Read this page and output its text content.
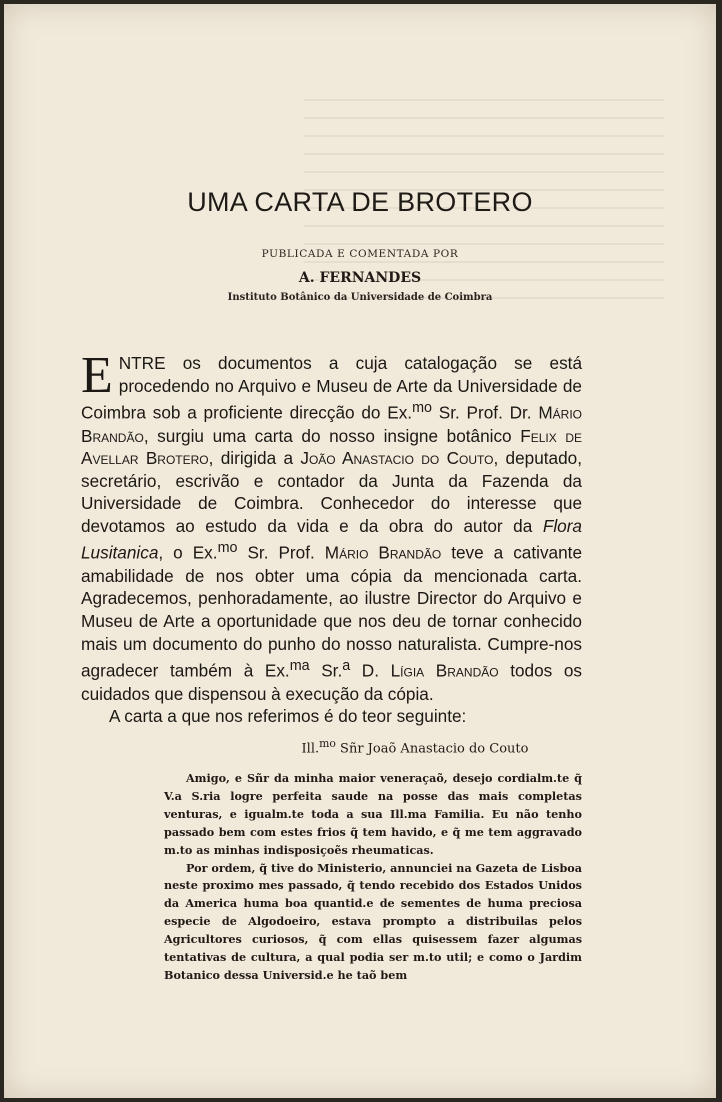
UMA CARTA DE BROTERO
PUBLICADA E COMENTADA POR
A. FERNANDES
Instituto Botânico da Universidade de Coimbra

ENTRE os documentos a cuja catalogação se está procedendo no Arquivo e Museu de Arte da Universidade de Coimbra sob a proficiente direcção do Ex.$^{mo}$ Sr. Prof. Dr. Mário Brandão, surgiu uma carta do nosso insigne botânico Felix de Avellar Brotero, dirigida a João Anastacio do Couto, deputado, secretário, escrivão e contador da Junta da Fazenda da Universidade de Coimbra. Conhecedor do interesse que devotamos ao estudo da vida e da obra do autor da Flora Lusitanica, o Ex.$^{mo}$ Sr. Prof. Mário Brandão teve a cativante amabilidade de nos obter uma cópia da mencionada carta. Agradecemos, penhoradamente, ao ilustre Director do Arquivo e Museu de Arte a oportunidade que nos deu de tornar conhecido mais um documento do punho do nosso naturalista. Cumpre-nos agradecer também à Ex.$^{ma}$ Sr.$^a$ D. Lígia Brandão todos os cuidados que dispensou à execução da cópia.

A carta a que nos referimos é do teor seguinte:

Ill.$^{mo}$ Sñr Joaõ Anastacio do Couto

Amigo, e Sñr da minha maior veneraçaõ, desejo cordialm.te q̃ V.a S.ria logre perfeita saude na posse das mais completas venturas, e igualm.te toda a sua Ill.ma Familia. Eu não tenho passado bem com estes frios q̃ tem havido, e q̃ me tem aggravado m.to as minhas indisposiçoẽs rheumaticas.

Por ordem, q̃ tive do Ministerio, annunciei na Gazeta de Lisboa neste proximo mes passado, q̃ tendo recebido dos Estados Unidos da America huma boa quantid.e de sementes de huma preciosa especie de Algodoeiro, estava prompto a distribuilas pelos Agricultores curiosos, q̃ com ellas quisessem fazer algumas tentativas de cultura, a qual podia ser m.to util; e como o Jardim Botanico dessa Universid.e he taõ bem
